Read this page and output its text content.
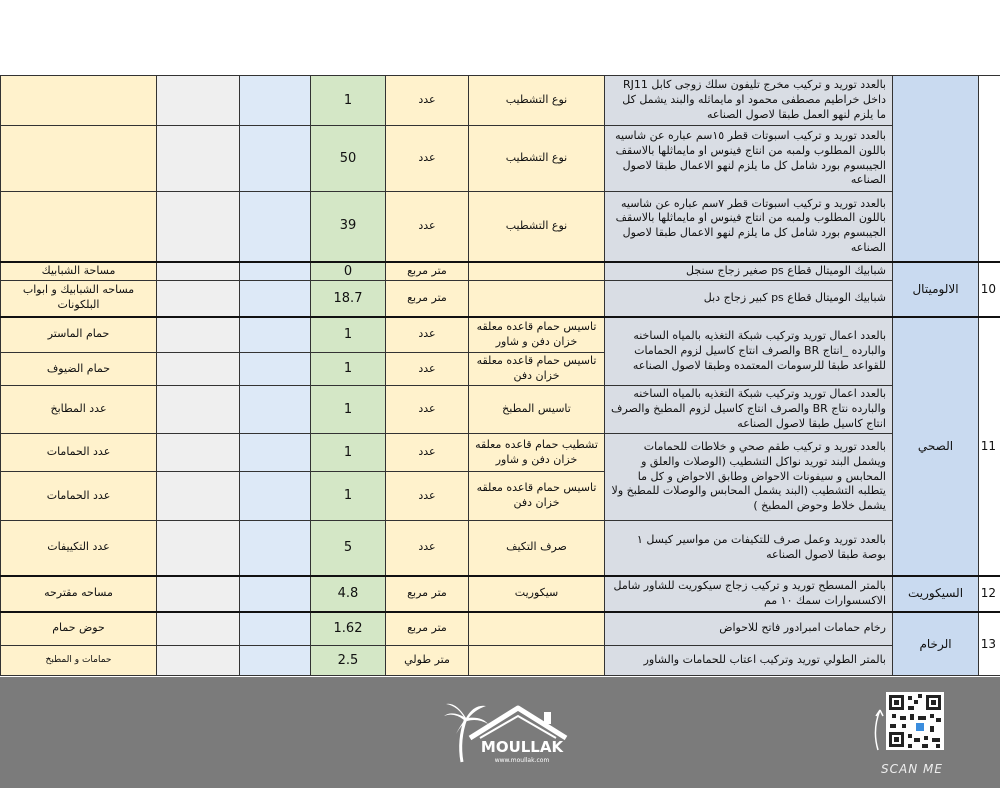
		بالعدد توريد و تركيب مخرج تليفون سلك زوجى كابل RJ11 داخل خراطيم مصطفى محمود او مايماثله والبند يشمل كل ما يلزم لنهو العمل طبقا لاصول الصناعه	نوع التشطيب	عدد	1			
		بالعدد توريد و تركيب اسبوتات قطر ١٥سم عباره عن شاسيه باللون المطلوب ولمبه من انتاج فينوس او مايماثلها بالاسقف الجيبسوم بورد شامل كل ما يلزم لنهو الاعمال طبقا لاصول الصناعه	نوع التشطيب	عدد	50			
		بالعدد توريد و تركيب اسبوتات قطر ٧سم عباره عن شاسيه باللون المطلوب ولمبه من انتاج فينوس او مايماثلها بالاسقف الجيبسوم بورد شامل كل ما يلزم لنهو الاعمال طبقا لاصول الصناعه	نوع التشطيب	عدد	39			
10	الالوميتال	شبابيك الوميتال قطاع ps صغير زجاج سنجل		متر مربع	0			مساحة الشبابيك
		شبابيك الوميتال قطاع ps كبير زجاج دبل		متر مربع	18.7			مساحه الشبابيك و ابواب البلكونات
11	الصحي	بالعدد اعمال توريد وتركيب شبكة التغذيه بالمياه الساخنه والبارده _انتاج BR والصرف انتاج كاسيل لزوم الحمامات للقواعد طبقا للرسومات المعتمده وطبقا لاصول الصناعه	تاسيس حمام قاعده معلقه خزان دفن و شاور	عدد	1			حمام الماستر
			تاسيس حمام قاعده معلقه خزان دفن	عدد	1			حمام الضيوف
		بالعدد اعمال توريد وتركيب شبكة التغذيه بالمياه الساخنه والبارده نتاج BR والصرف انتاج كاسيل لزوم المطبخ والصرف انتاج كاسيل طبقا لاصول الصناعه	تاسيس المطبخ	عدد	1			عدد المطابخ
		بالعدد توريد و تركيب طقم صحي و خلاطات للحمامات ويشمل البند توريد نواكل التشطيب (الوصلات والعلق و المحابس و سيفونات الاحواض وطابق الاحواض و كل ما يتطلبه التشطيب (البند يشمل المحابس والوصلات للمطبخ ولا يشمل خلاط وحوض المطبخ )	تشطيب حمام قاعده معلقه خزان دفن و شاور	عدد	1			عدد الحمامات
			تاسيس حمام قاعده معلقه خزان دفن	عدد	1			عدد الحمامات
		بالعدد توريد وعمل صرف للتكيفات من مواسير كيسل ١ بوصة طبقا لاصول الصناعه	صرف التكيف	عدد	5			عدد التكييفات
12	السيكوريت	بالمتر المسطح توريد و تركيب زجاج سيكوريت للشاور شامل الاكسسوارات سمك ١٠ مم	سيكوريت	متر مربع	4.8			مساحه مقترحه
13	الرخام	رخام حمامات امبرادور فاتح للاحواض		متر مربع	1.62			حوض حمام
		بالمتر الطولي توريد وتركيب اعتاب للحمامات والشاور		متر طولي	2.5			حمامات و المطبخ
MOULLAK
www.moullak.com
SCAN ME
